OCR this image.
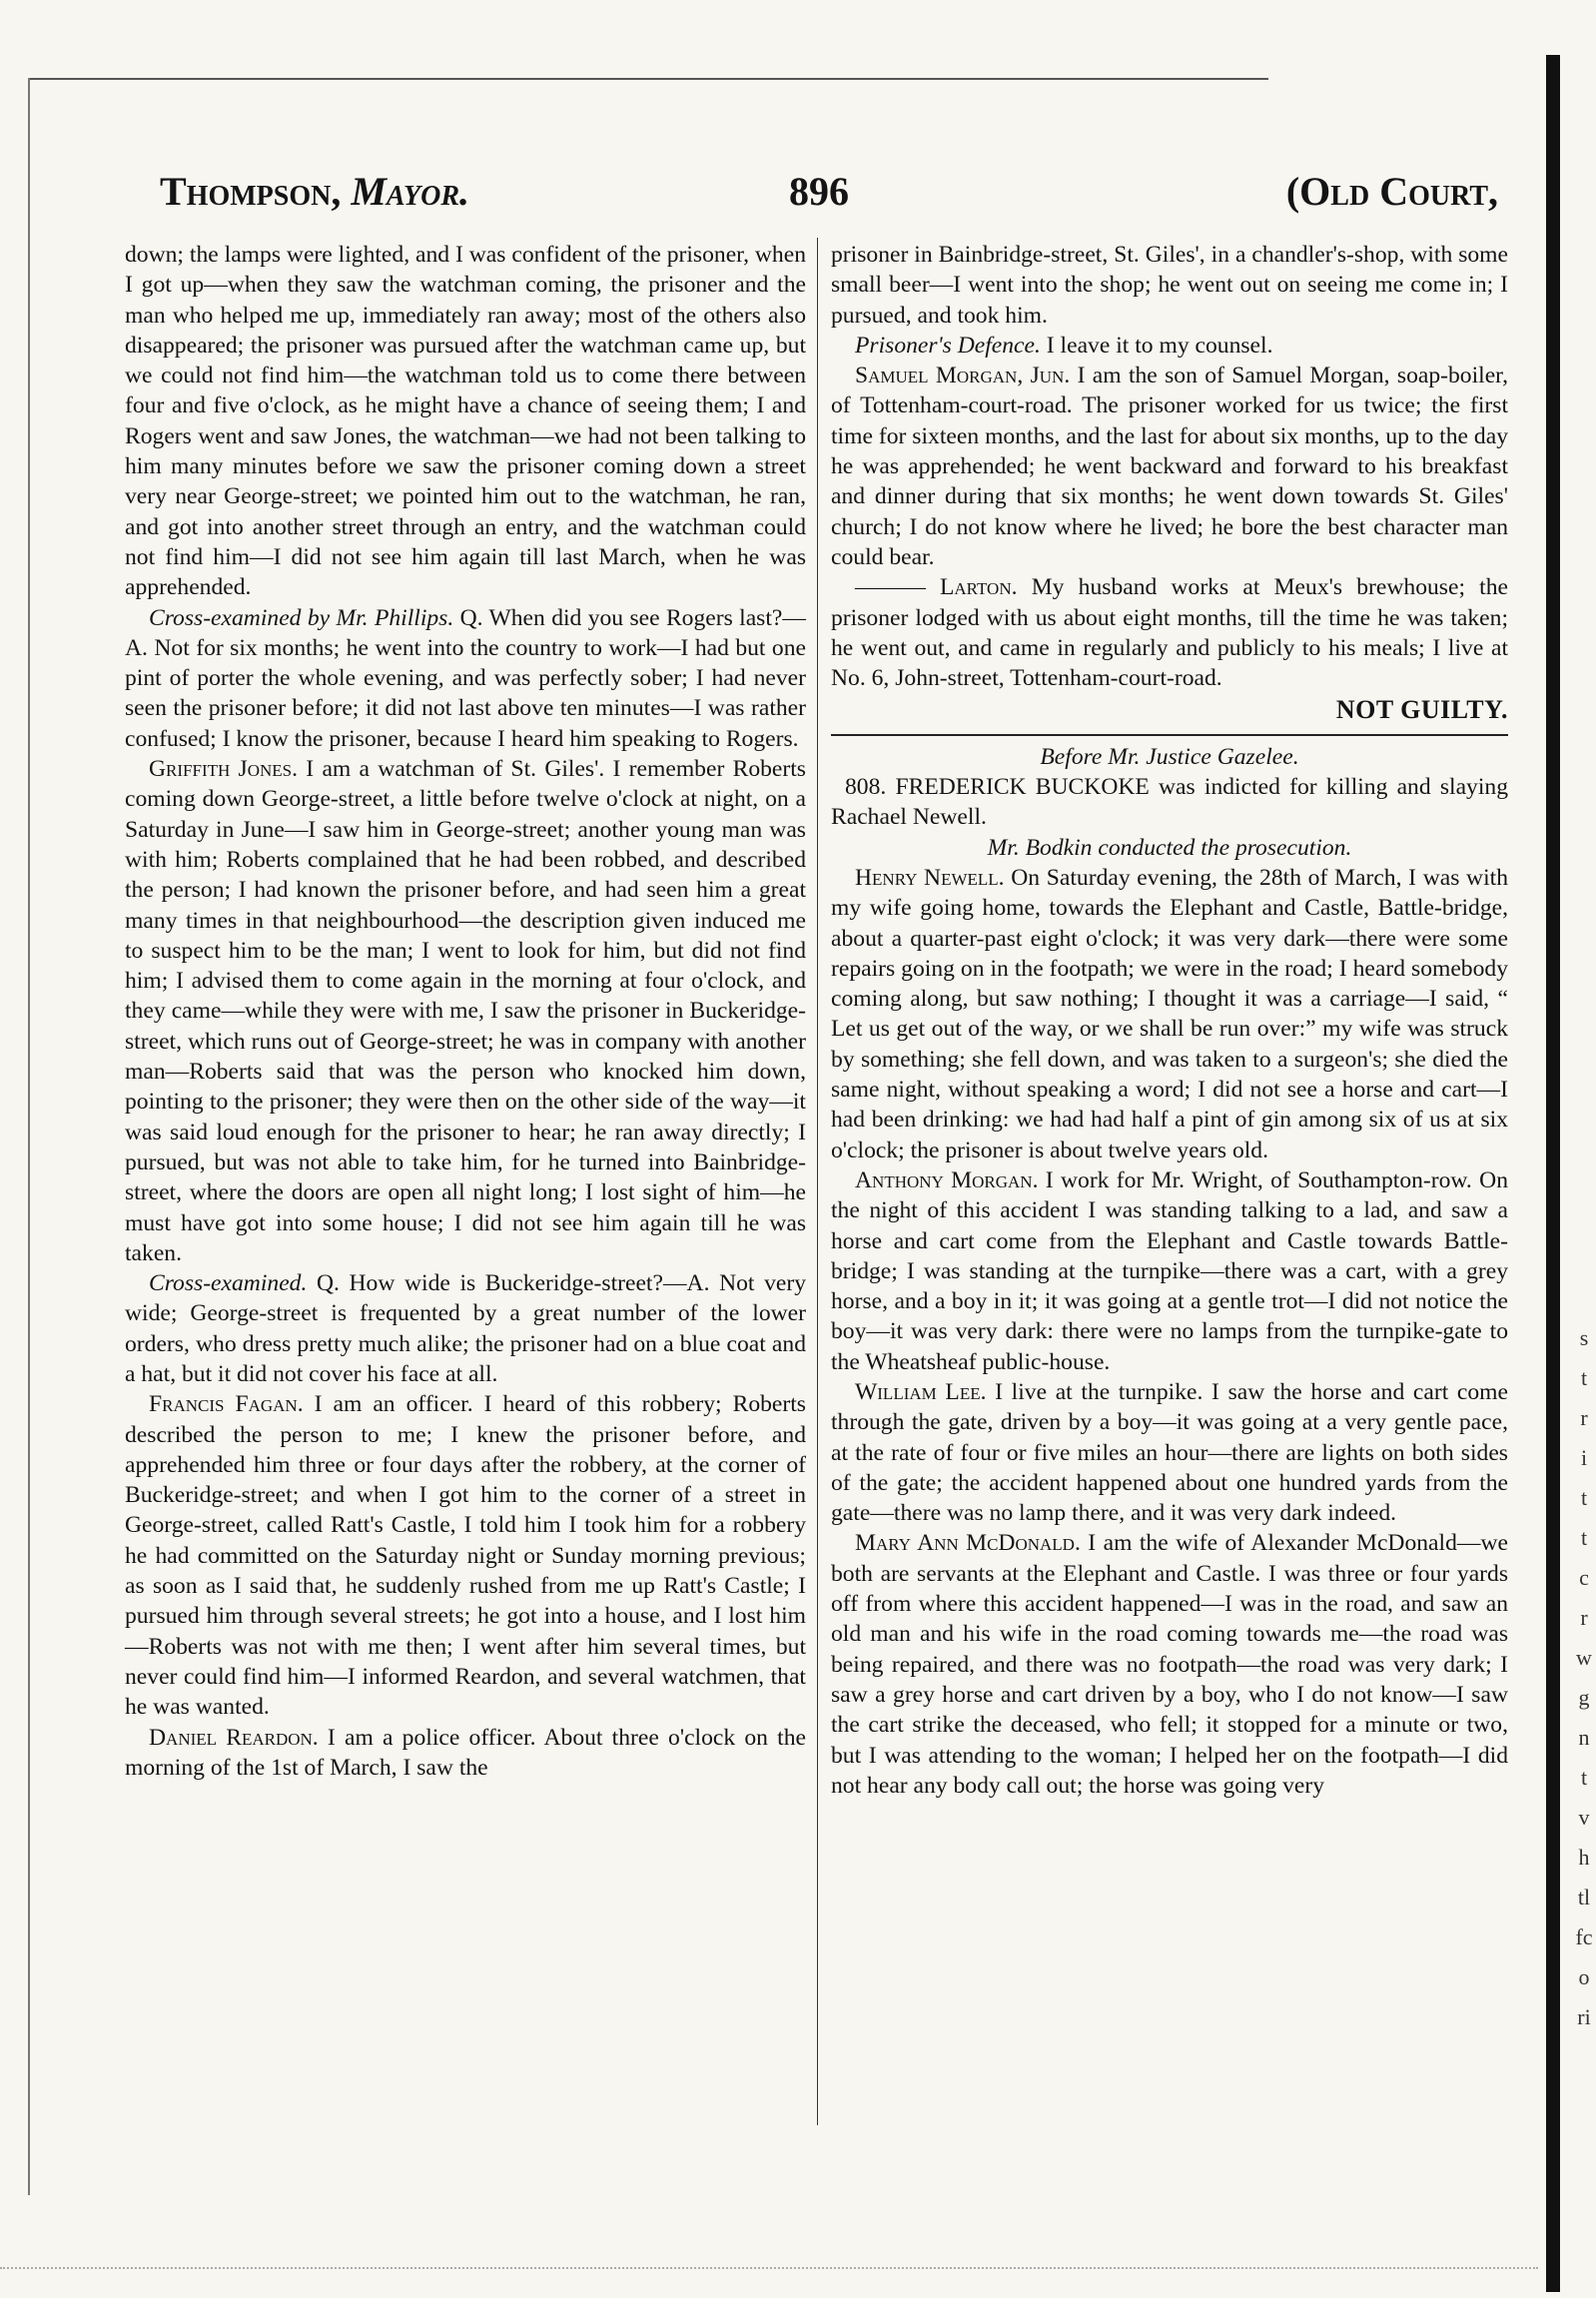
Thompson, Mayor.	896	(Old Court,

down; the lamps were lighted, and I was confident of the prisoner, when I got up—when they saw the watchman coming, the prisoner and the man who helped me up, immediately ran away; most of the others also disappeared; the prisoner was pursued after the watchman came up, but we could not find him—the watchman told us to come there between four and five o'clock, as he might have a chance of seeing them; I and Rogers went and saw Jones, the watchman—we had not been talking to him many minutes before we saw the prisoner coming down a street very near George-street; we pointed him out to the watchman, he ran, and got into another street through an entry, and the watchman could not find him—I did not see him again till last March, when he was apprehended.

Cross-examined by Mr. Phillips. Q. When did you see Rogers last?—A. Not for six months; he went into the country to work—I had but one pint of porter the whole evening, and was perfectly sober; I had never seen the prisoner before; it did not last above ten minutes—I was rather confused; I know the prisoner, because I heard him speaking to Rogers.

Griffith Jones. I am a watchman of St. Giles'. I remember Roberts coming down George-street, a little before twelve o'clock at night, on a Saturday in June—I saw him in George-street; another young man was with him; Roberts complained that he had been robbed, and described the person; I had known the prisoner before, and had seen him a great many times in that neighbourhood—the description given induced me to suspect him to be the man; I went to look for him, but did not find him; I advised them to come again in the morning at four o'clock, and they came—while they were with me, I saw the prisoner in Buckeridge-street, which runs out of George-street; he was in company with another man—Roberts said that was the person who knocked him down, pointing to the prisoner; they were then on the other side of the way—it was said loud enough for the prisoner to hear; he ran away directly; I pursued, but was not able to take him, for he turned into Bainbridge-street, where the doors are open all night long; I lost sight of him—he must have got into some house; I did not see him again till he was taken.

Cross-examined. Q. How wide is Buckeridge-street?—A. Not very wide; George-street is frequented by a great number of the lower orders, who dress pretty much alike; the prisoner had on a blue coat and a hat, but it did not cover his face at all.

Francis Fagan. I am an officer. I heard of this robbery; Roberts described the person to me; I knew the prisoner before, and apprehended him three or four days after the robbery, at the corner of Buckeridge-street; and when I got him to the corner of a street in George-street, called Ratt's Castle, I told him I took him for a robbery he had committed on the Saturday night or Sunday morning previous; as soon as I said that, he suddenly rushed from me up Ratt's Castle; I pursued him through several streets; he got into a house, and I lost him—Roberts was not with me then; I went after him several times, but never could find him—I informed Reardon, and several watchmen, that he was wanted.

Daniel Reardon. I am a police officer. About three o'clock on the morning of the 1st of March, I saw the

prisoner in Bainbridge-street, St. Giles', in a chandler's-shop, with some small beer—I went into the shop; he went out on seeing me come in; I pursued, and took him.

Prisoner's Defence. I leave it to my counsel.

Samuel Morgan, Jun. I am the son of Samuel Morgan, soap-boiler, of Tottenham-court-road. The prisoner worked for us twice; the first time for sixteen months, and the last for about six months, up to the day he was apprehended; he went backward and forward to his breakfast and dinner during that six months; he went down towards St. Giles' church; I do not know where he lived; he bore the best character man could bear.

——— Larton. My husband works at Meux's brewhouse; the prisoner lodged with us about eight months, till the time he was taken; he went out, and came in regularly and publicly to his meals; I live at No. 6, John-street, Tottenham-court-road.

NOT GUILTY.
Before Mr. Justice Gazelee.

808. FREDERICK BUCKOKE was indicted for killing and slaying Rachael Newell.

Mr. Bodkin conducted the prosecution.

Henry Newell. On Saturday evening, the 28th of March, I was with my wife going home, towards the Elephant and Castle, Battle-bridge, about a quarter-past eight o'clock; it was very dark—there were some repairs going on in the footpath; we were in the road; I heard somebody coming along, but saw nothing; I thought it was a carriage—I said, “ Let us get out of the way, or we shall be run over:” my wife was struck by something; she fell down, and was taken to a surgeon's; she died the same night, without speaking a word; I did not see a horse and cart—I had been drinking: we had had half a pint of gin among six of us at six o'clock; the prisoner is about twelve years old.

Anthony Morgan. I work for Mr. Wright, of Southampton-row. On the night of this accident I was standing talking to a lad, and saw a horse and cart come from the Elephant and Castle towards Battle-bridge; I was standing at the turnpike—there was a cart, with a grey horse, and a boy in it; it was going at a gentle trot—I did not notice the boy—it was very dark: there were no lamps from the turnpike-gate to the Wheatsheaf public-house.

William Lee. I live at the turnpike. I saw the horse and cart come through the gate, driven by a boy—it was going at a very gentle pace, at the rate of four or five miles an hour—there are lights on both sides of the gate; the accident happened about one hundred yards from the gate—there was no lamp there, and it was very dark indeed.

Mary Ann McDonald. I am the wife of Alexander McDonald—we both are servants at the Elephant and Castle. I was three or four yards off from where this accident happened—I was in the road, and saw an old man and his wife in the road coming towards me—the road was being repaired, and there was no footpath—the road was very dark; I saw a grey horse and cart driven by a boy, who I do not know—I saw the cart strike the deceased, who fell; it stopped for a minute or two, but I was attending to the woman; I helped her on the footpath—I did not hear any body call out; the horse was going very

s
t
r
i
t
t
c
r
w
g
n
t
v
h
tl
fc
o
ri
